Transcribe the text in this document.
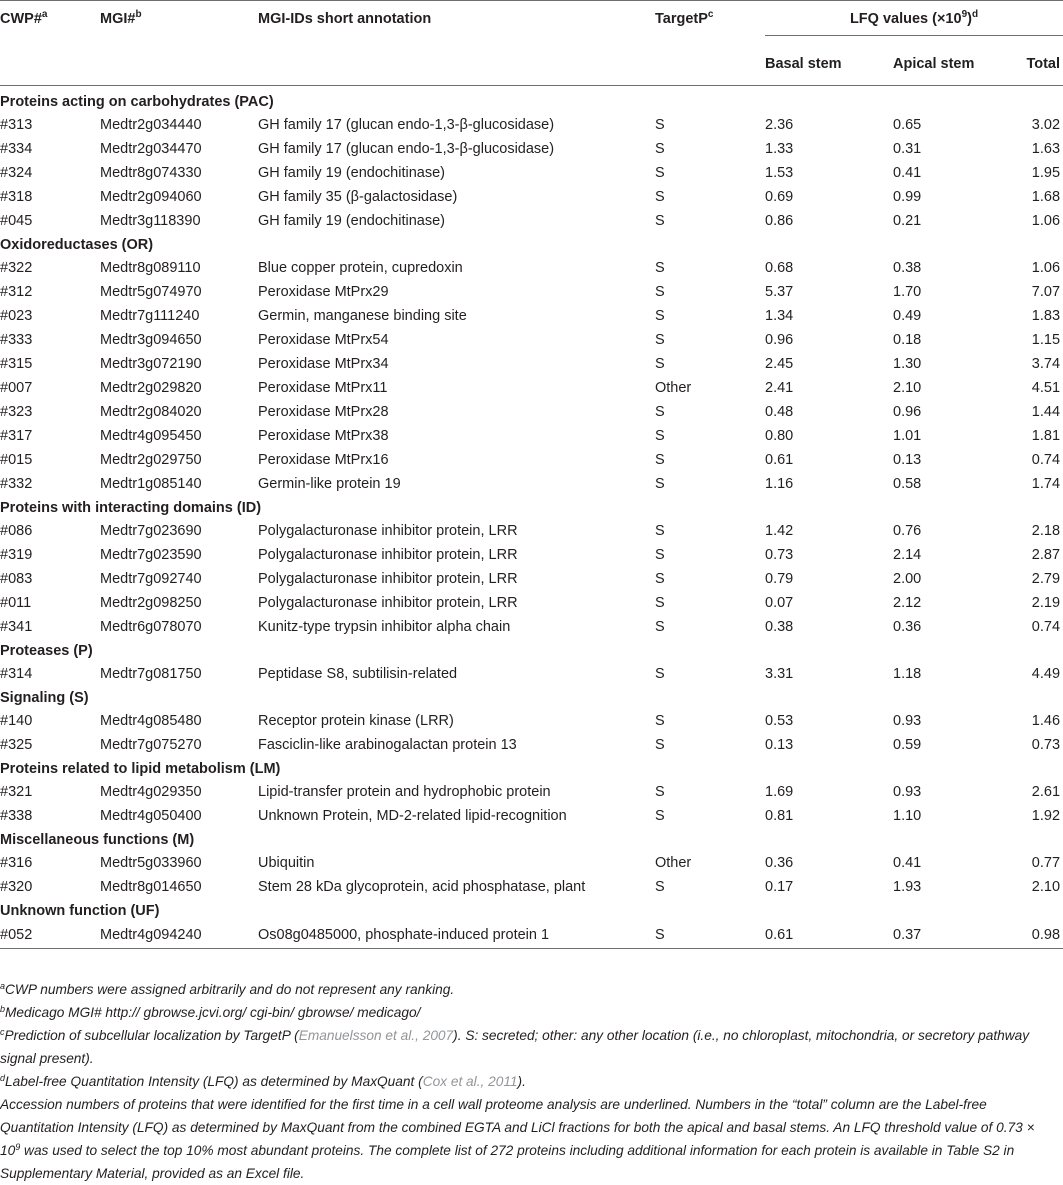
CWP#$^a$	MGI#$^b$	MGI-IDs short annotation	TargetP$^c$	LFQ values $(\times 10^9)^d$

				Basal stem	Apical stem	Total
Proteins acting on carbohydrates (PAC)						
#313	Medtr2g034440	GH family 17 (glucan endo-1,3-β-glucosidase)	S	2.36	0.65	3.02
#334	Medtr2g034470	GH family 17 (glucan endo-1,3-β-glucosidase)	S	1.33	0.31	1.63
#324	Medtr8g074330	GH family 19 (endochitinase)	S	1.53	0.41	1.95
#318	Medtr2g094060	GH family 35 (β-galactosidase)	S	0.69	0.99	1.68
#045	Medtr3g118390	GH family 19 (endochitinase)	S	0.86	0.21	1.06
Oxidoreductases (OR)						
#322	Medtr8g089110	Blue copper protein, cupredoxin	S	0.68	0.38	1.06
#312	Medtr5g074970	Peroxidase MtPrx29	S	5.37	1.70	7.07
#023	Medtr7g111240	Germin, manganese binding site	S	1.34	0.49	1.83
#333	Medtr3g094650	Peroxidase MtPrx54	S	0.96	0.18	1.15
#315	Medtr3g072190	Peroxidase MtPrx34	S	2.45	1.30	3.74
#007	Medtr2g029820	Peroxidase MtPrx11	Other	2.41	2.10	4.51
#323	Medtr2g084020	Peroxidase MtPrx28	S	0.48	0.96	1.44
#317	Medtr4g095450	Peroxidase MtPrx38	S	0.80	1.01	1.81
#015	Medtr2g029750	Peroxidase MtPrx16	S	0.61	0.13	0.74
#332	Medtr1g085140	Germin-like protein 19	S	1.16	0.58	1.74
Proteins with interacting domains (ID)						
#086	Medtr7g023690	Polygalacturonase inhibitor protein, LRR	S	1.42	0.76	2.18
#319	Medtr7g023590	Polygalacturonase inhibitor protein, LRR	S	0.73	2.14	2.87
#083	Medtr7g092740	Polygalacturonase inhibitor protein, LRR	S	0.79	2.00	2.79
#011	Medtr2g098250	Polygalacturonase inhibitor protein, LRR	S	0.07	2.12	2.19
#341	Medtr6g078070	Kunitz-type trypsin inhibitor alpha chain	S	0.38	0.36	0.74
Proteases (P)						
#314	Medtr7g081750	Peptidase S8, subtilisin-related	S	3.31	1.18	4.49
Signaling (S)						
#140	Medtr4g085480	Receptor protein kinase (LRR)	S	0.53	0.93	1.46
#325	Medtr7g075270	Fasciclin-like arabinogalactan protein 13	S	0.13	0.59	0.73
Proteins related to lipid metabolism (LM)						
#321	Medtr4g029350	Lipid-transfer protein and hydrophobic protein	S	1.69	0.93	2.61
#338	Medtr4g050400	Unknown Protein, MD-2-related lipid-recognition	S	0.81	1.10	1.92
Miscellaneous functions (M)						
#316	Medtr5g033960	Ubiquitin	Other	0.36	0.41	0.77
#320	Medtr8g014650	Stem 28 kDa glycoprotein, acid phosphatase, plant	S	0.17	1.93	2.10
Unknown function (UF)						
#052	Medtr4g094240	Os08g0485000, phosphate-induced protein 1	S	0.61	0.37	0.98

$^a$CWP numbers were assigned arbitrarily and do not represent any ranking.

$^b$Medicago MGI# http:// gbrowse.jcvi.org/ cgi-bin/ gbrowse/ medicago/

$^c$Prediction of subcellular localization by TargetP (Emanuelsson et al., 2007). S: secreted; other: any other location (i.e., no chloroplast, mitochondria, or secretory pathway signal present).

$^d$Label-free Quantitation Intensity (LFQ) as determined by MaxQuant (Cox et al., 2011).

Accession numbers of proteins that were identified for the first time in a cell wall proteome analysis are underlined. Numbers in the “total” column are the Label-free Quantitation Intensity (LFQ) as determined by MaxQuant from the combined EGTA and LiCl fractions for both the apical and basal stems. An LFQ threshold value of $0.73 \times 10^9$ was used to select the top 10% most abundant proteins. The complete list of 272 proteins including additional information for each protein is available in Table S2 in Supplementary Material, provided as an Excel file.
